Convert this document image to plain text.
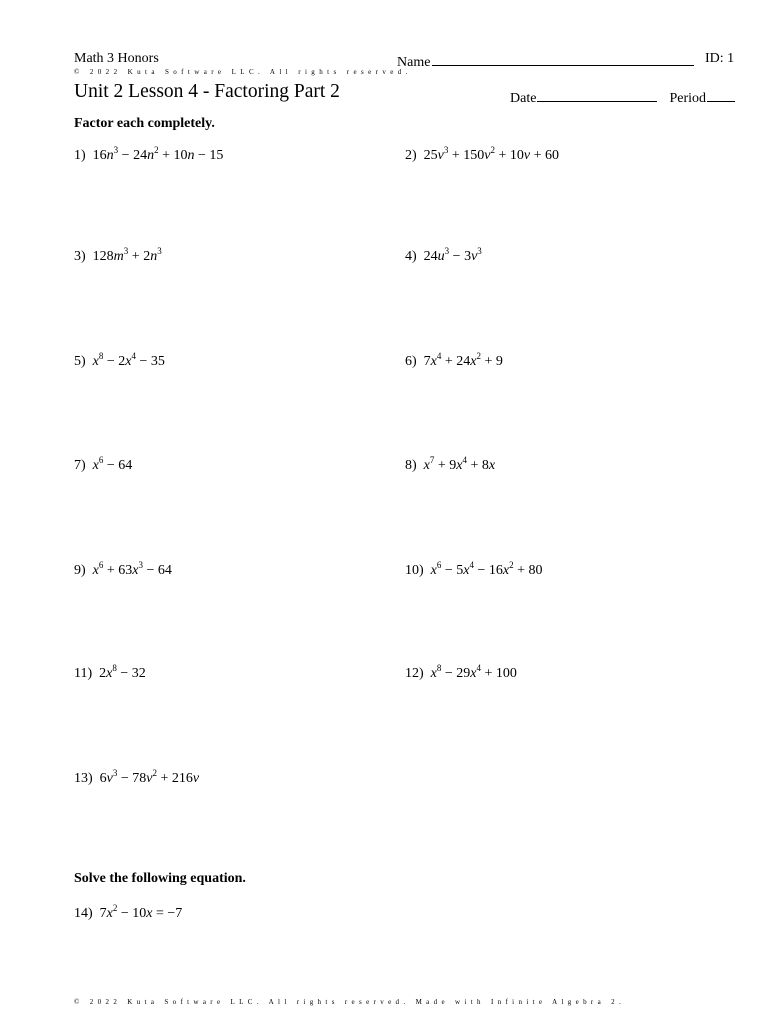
Math 3 Honors
© 2022 Kuta Software LLC. All rights reserved.
Name	ID: 1
Unit 2 Lesson 4 - Factoring Part 2	Date	Period
Factor each completely.
1) $16n^3 - 24n^2 + 10n - 15$	2) $25v^3 + 150v^2 + 10v + 60$
3) $128m^3 + 2n^3$	4) $24u^3 - 3v^3$
5) $x^8 - 2x^4 - 35$	6) $7x^4 + 24x^2 + 9$
7) $x^6 - 64$	8) $x^7 + 9x^4 + 8x$
9) $x^6 + 63x^3 - 64$	10) $x^6 - 5x^4 - 16x^2 + 80$
11) $2x^8 - 32$	12) $x^8 - 29x^4 + 100$
13) $6v^3 - 78v^2 + 216v$
Solve the following equation.
14) $7x^2 - 10x = -7$
© 2022 Kuta Software LLC. All rights reserved. Made with Infinite Algebra 2.
